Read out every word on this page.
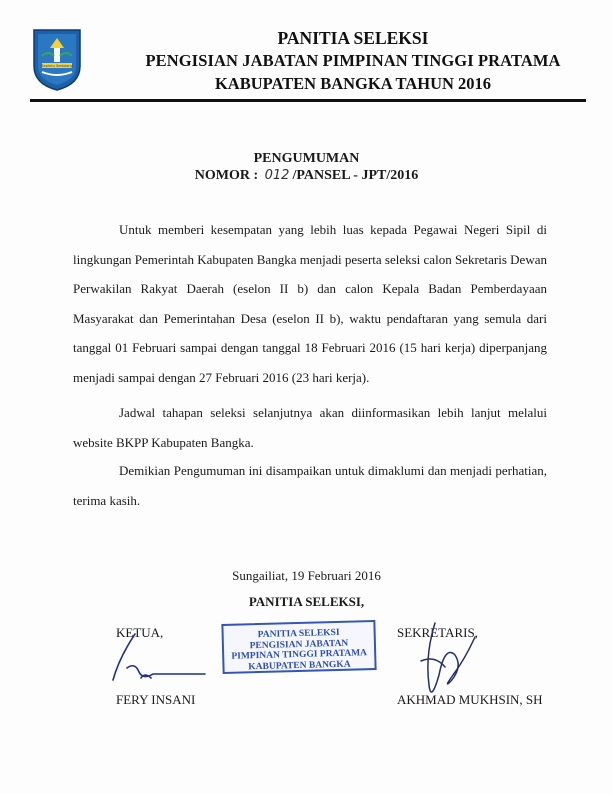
Sepintu Sedulang
PANITIA SELEKSI
PENGISIAN JABATAN PIMPINAN TINGGI PRATAMA
KABUPATEN BANGKA TAHUN 2016
PENGUMUMAN
NOMOR : 012 /PANSEL - JPT/2016
Untuk memberi kesempatan yang lebih luas kepada Pegawai Negeri Sipil di
lingkungan Pemerintah Kabupaten Bangka menjadi peserta seleksi calon Sekretaris Dewan
Perwakilan Rakyat Daerah (eselon II b) dan calon Kepala Badan Pemberdayaan
Masyarakat dan Pemerintahan Desa (eselon II b), waktu pendaftaran yang semula dari
tanggal 01 Februari sampai dengan tanggal 18 Februari 2016 (15 hari kerja) diperpanjang
menjadi sampai dengan 27 Februari 2016 (23 hari kerja).
Jadwal tahapan seleksi selanjutnya akan diinformasikan lebih lanjut melalui
website BKPP Kabupaten Bangka.
Demikian Pengumuman ini disampaikan untuk dimaklumi dan menjadi perhatian,
terima kasih.
Sungailiat, 19 Februari 2016
PANITIA SELEKSI,
KETUA,	SEKRETARIS,
PANITIA SELEKSI
PENGISIAN JABATAN
PIMPINAN TINGGI PRATAMA
KABUPATEN BANGKA
FERY INSANI	AKHMAD MUKHSIN, SH
